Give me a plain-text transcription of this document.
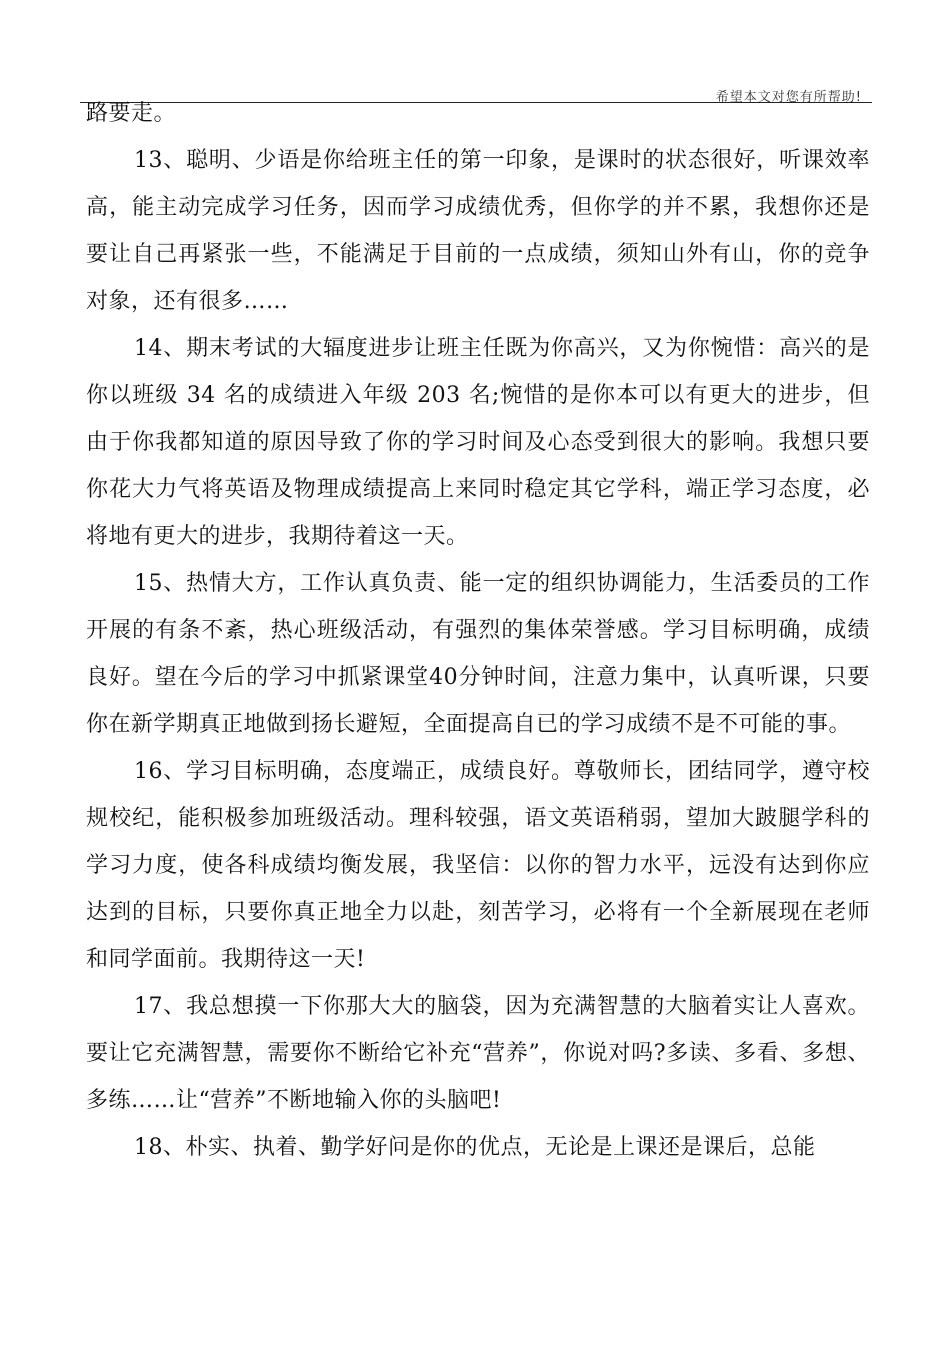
希望本文对您有所帮助!

路要走。

13、聪明、少语是你给班主任的第一印象，是课时的状态很好，听课效率高，能主动完成学习任务，因而学习成绩优秀，但你学的并不累，我想你还是要让自己再紧张一些，不能满足于目前的一点成绩，须知山外有山，你的竞争对象，还有很多……

14、期末考试的大辐度进步让班主任既为你高兴，又为你惋惜：高兴的是你以班级 34 名的成绩进入年级 203 名;惋惜的是你本可以有更大的进步，但由于你我都知道的原因导致了你的学习时间及心态受到很大的影响。我想只要你花大力气将英语及物理成绩提高上来同时稳定其它学科，端正学习态度，必将地有更大的进步，我期待着这一天。

15、热情大方，工作认真负责、能一定的组织协调能力，生活委员的工作开展的有条不紊，热心班级活动，有强烈的集体荣誉感。学习目标明确，成绩良好。望在今后的学习中抓紧课堂40分钟时间，注意力集中，认真听课，只要你在新学期真正地做到扬长避短，全面提高自已的学习成绩不是不可能的事。

16、学习目标明确，态度端正，成绩良好。尊敬师长，团结同学，遵守校规校纪，能积极参加班级活动。理科较强，语文英语稍弱，望加大跛腿学科的学习力度，使各科成绩均衡发展，我坚信：以你的智力水平，远没有达到你应达到的目标，只要你真正地全力以赴，刻苦学习，必将有一个全新展现在老师和同学面前。我期待这一天!

17、我总想摸一下你那大大的脑袋，因为充满智慧的大脑着实让人喜欢。要让它充满智慧，需要你不断给它补充“营养”，你说对吗?多读、多看、多想、多练……让“营养”不断地输入你的头脑吧!

18、朴实、执着、勤学好问是你的优点，无论是上课还是课后，总能
